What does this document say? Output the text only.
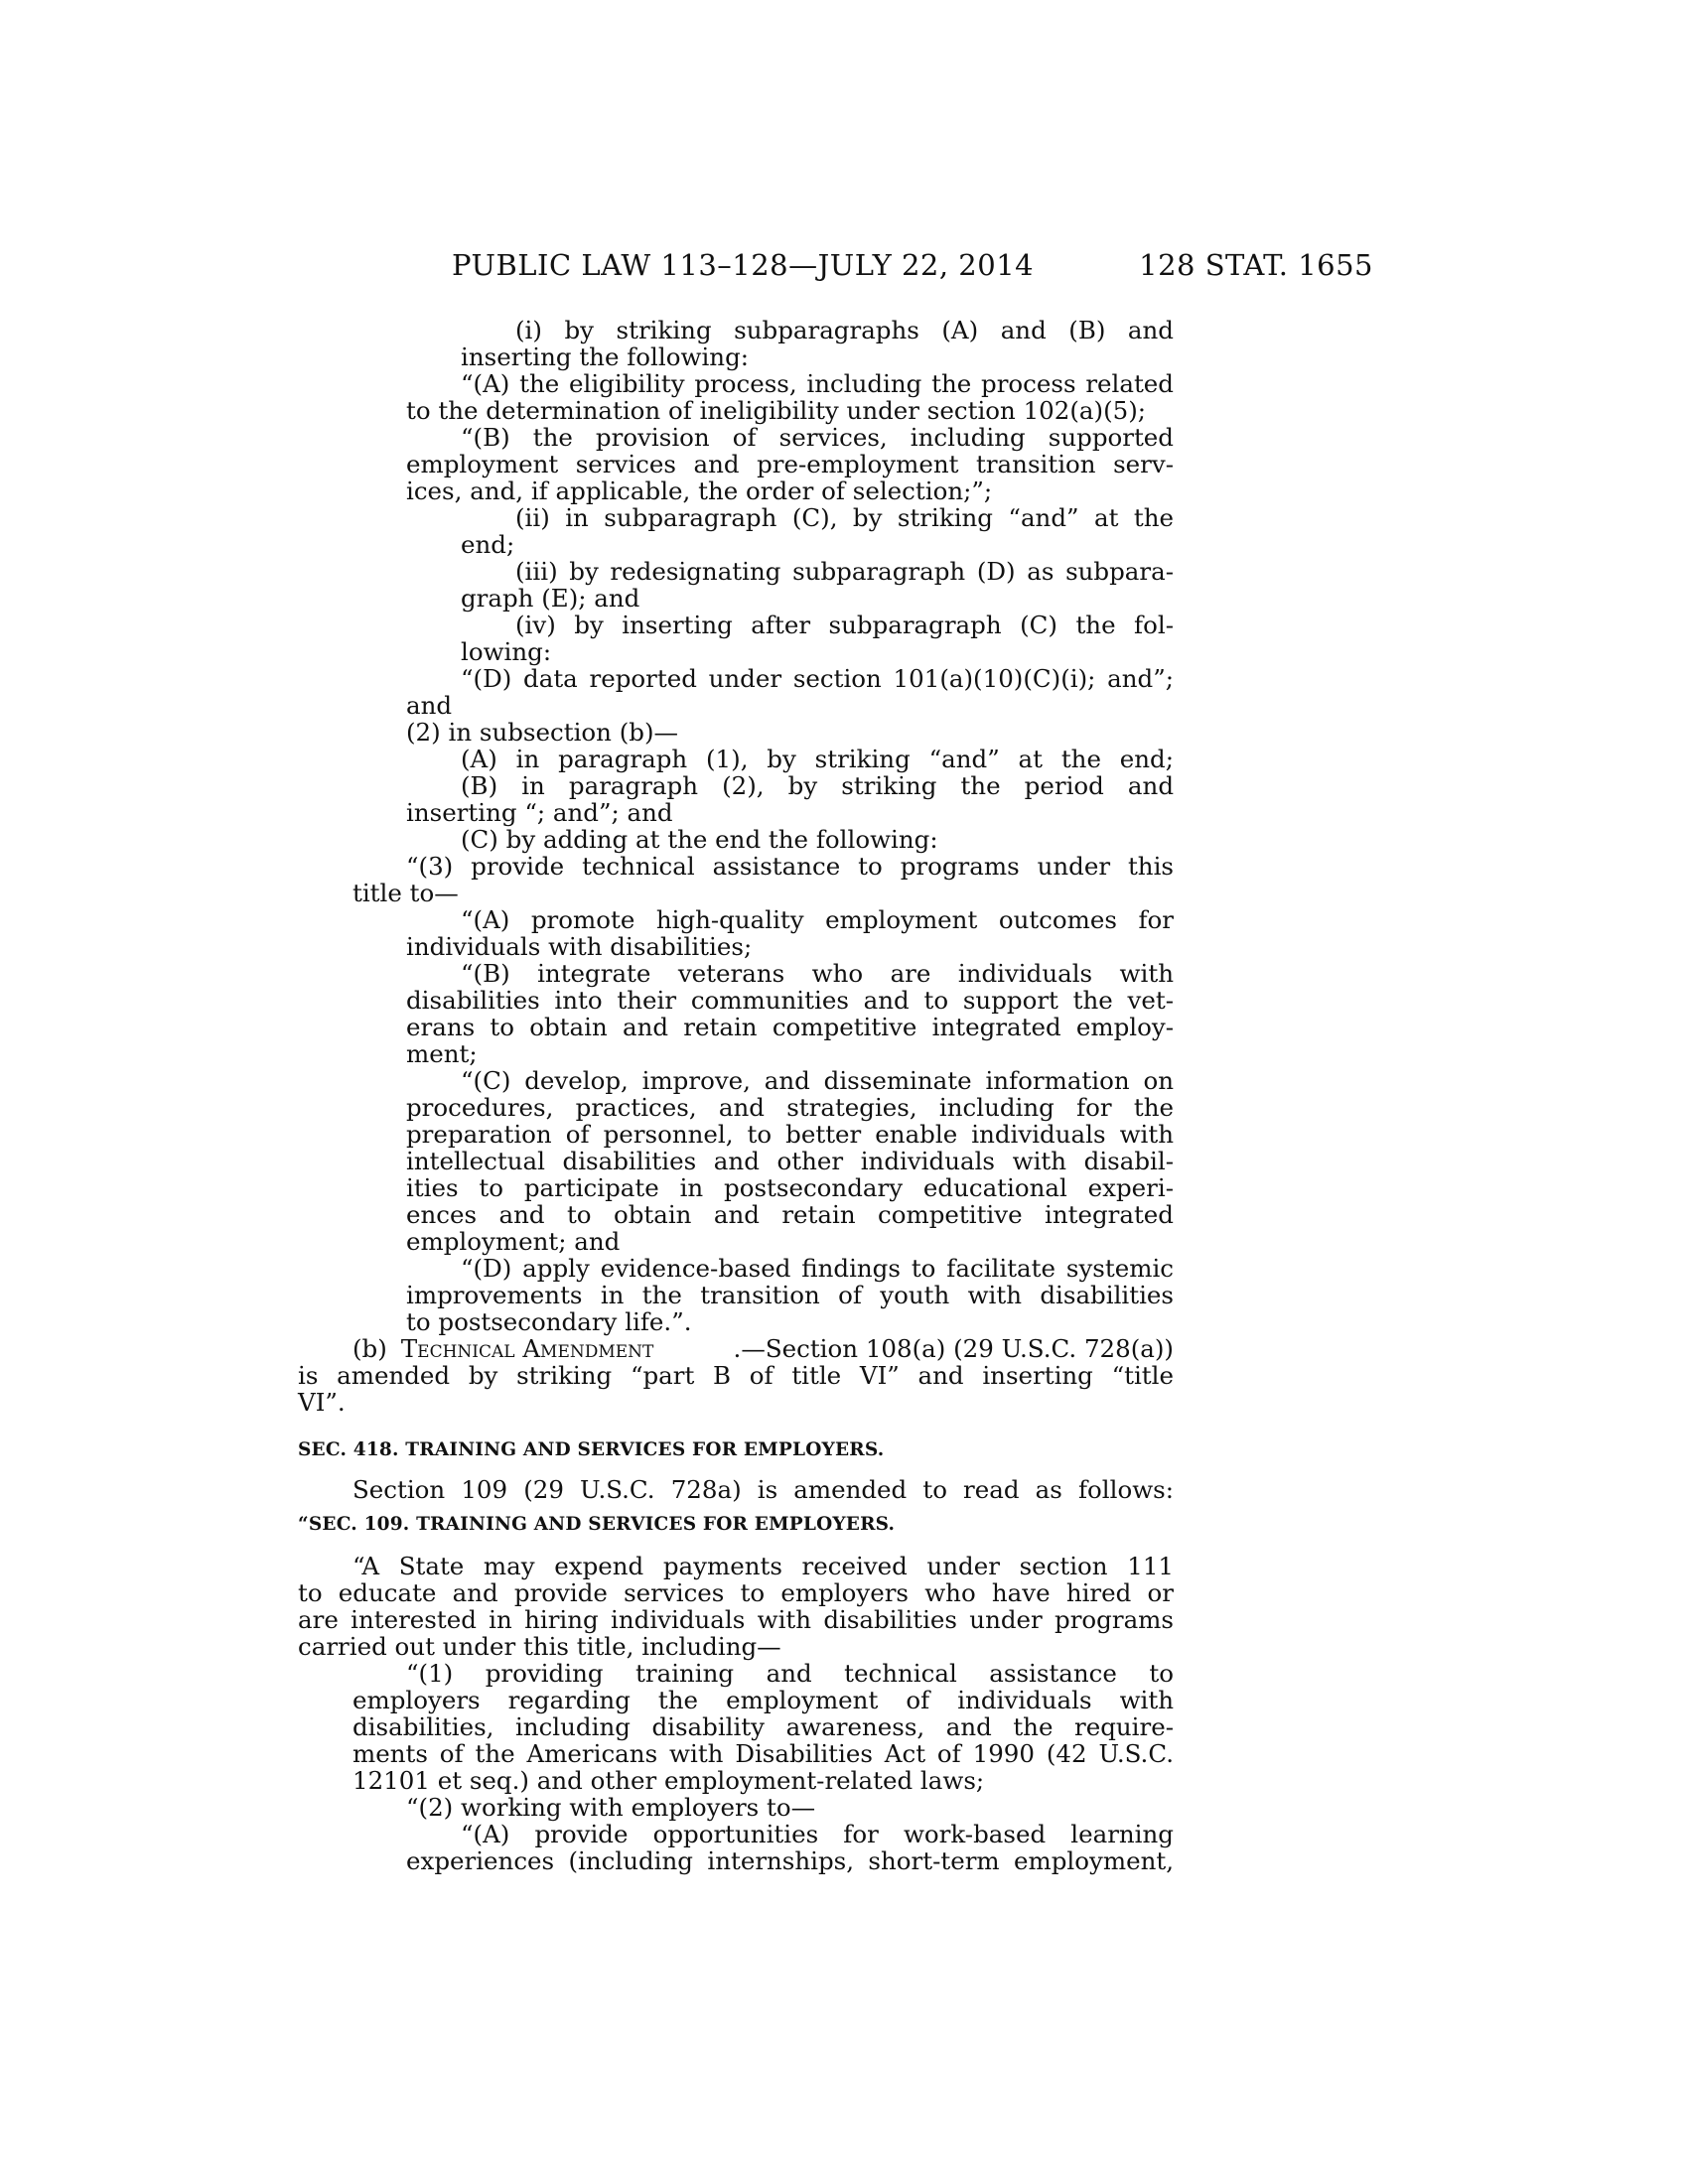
PUBLIC LAW 113–128—JULY 22, 2014	128 STAT. 1655
(i) by striking subparagraphs (A) and (B) and
inserting the following:
“(A) the eligibility process, including the process related
to the determination of ineligibility under section 102(a)(5);
“(B) the provision of services, including supported
employment services and pre-employment transition serv-
ices, and, if applicable, the order of selection;”;
(ii) in subparagraph (C), by striking “and” at the
end;
(iii) by redesignating subparagraph (D) as subpara-
graph (E); and
(iv) by inserting after subparagraph (C) the fol-
lowing:
“(D) data reported under section 101(a)(10)(C)(i); and”;
and
(2) in subsection (b)—
(A) in paragraph (1), by striking “and” at the end;
(B) in paragraph (2), by striking the period and
inserting “; and”; and
(C) by adding at the end the following:
“(3) provide technical assistance to programs under this
title to—
“(A) promote high-quality employment outcomes for
individuals with disabilities;
“(B) integrate veterans who are individuals with
disabilities into their communities and to support the vet-
erans to obtain and retain competitive integrated employ-
ment;
“(C) develop, improve, and disseminate information on
procedures, practices, and strategies, including for the
preparation of personnel, to better enable individuals with
intellectual disabilities and other individuals with disabil-
ities to participate in postsecondary educational experi-
ences and to obtain and retain competitive integrated
employment; and
“(D) apply evidence-based findings to facilitate systemic
improvements in the transition of youth with disabilities
to postsecondary life.”.
(b) Technical Amendment	.—Section 108(a) (29 U.S.C. 728(a))
is amended by striking “part B of title VI” and inserting “title
VI”.
SEC. 418. TRAINING AND SERVICES FOR EMPLOYERS.
Section 109 (29 U.S.C. 728a) is amended to read as follows:
“SEC. 109. TRAINING AND SERVICES FOR EMPLOYERS.
“A State may expend payments received under section 111
to educate and provide services to employers who have hired or
are interested in hiring individuals with disabilities under programs
carried out under this title, including—
“(1) providing training and technical assistance to
employers regarding the employment of individuals with
disabilities, including disability awareness, and the require-
ments of the Americans with Disabilities Act of 1990 (42 U.S.C.
12101 et seq.) and other employment-related laws;
“(2) working with employers to—
“(A) provide opportunities for work-based learning
experiences (including internships, short-term employment,
